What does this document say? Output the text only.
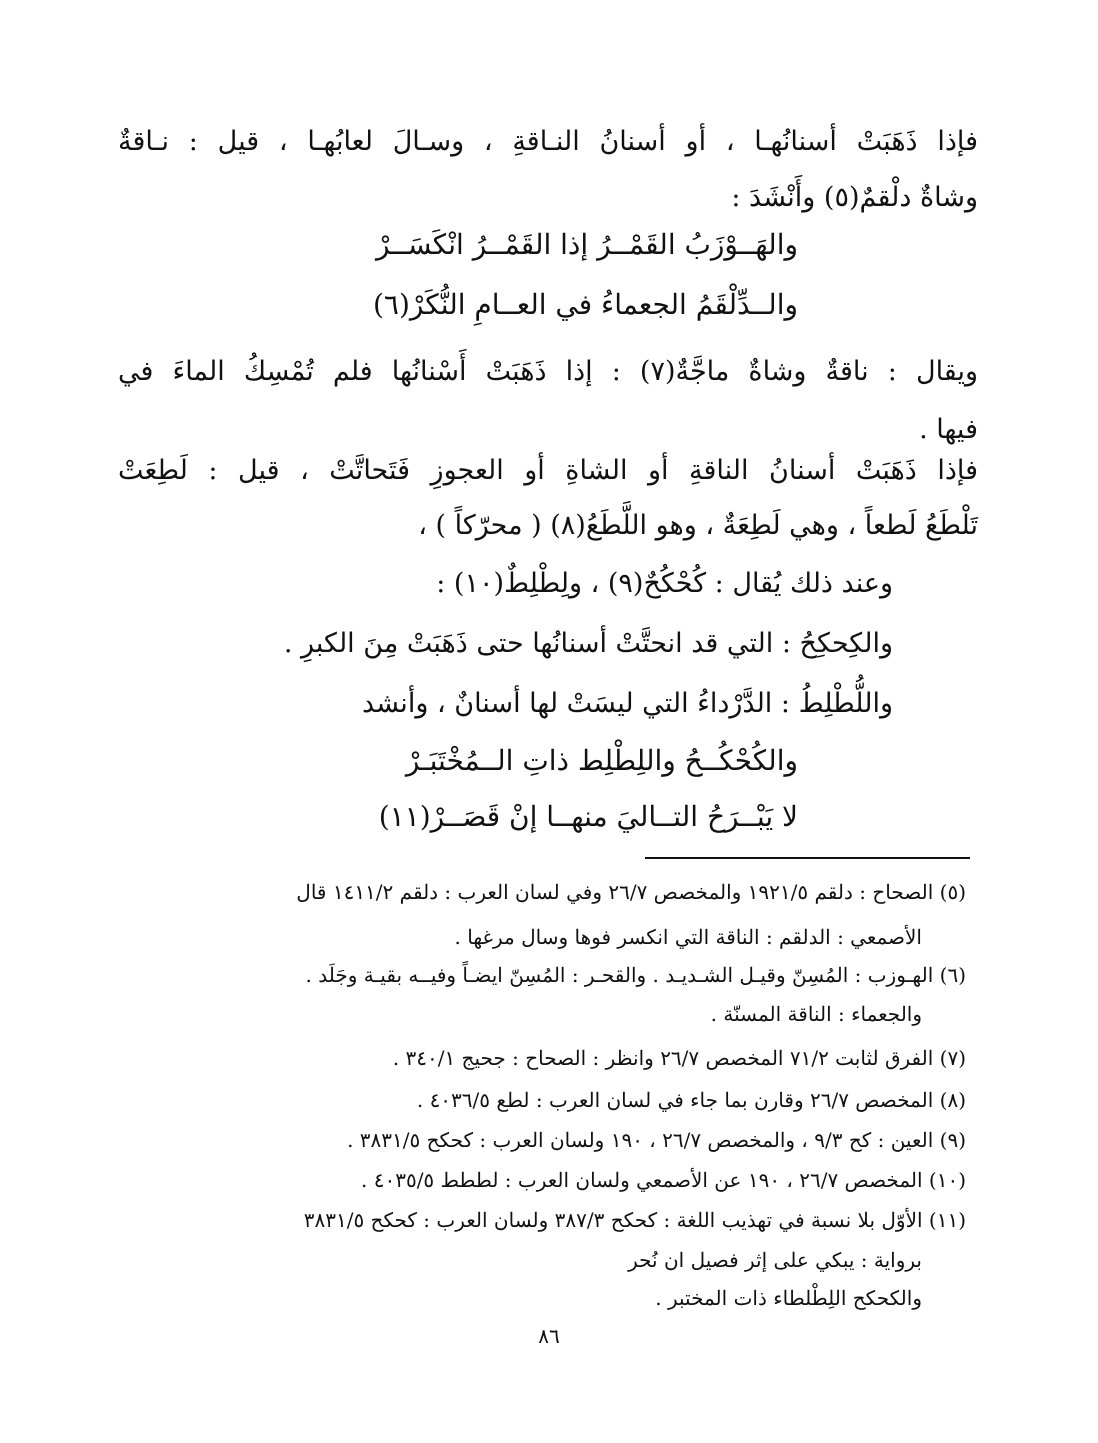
فإذا ذَهَبَتْ أسنانُهـا ، أو أسنانُ النـاقةِ ، وسـالَ لعابُهـا ، قيل : نـاقةٌ
وشاةٌ دلْقمٌ(٥) وأَنْشَدَ :
والهَــوْزَبُ القَمْــرُ إذا القَمْــرُ انْكَسَــرْ
والــدِّلْقَمُ الجعماءُ في العــامِ النُّكَرْ(٦)
ويقال : ناقةٌ وشاةٌ ماجَّةٌ(٧) : إذا ذَهَبَتْ أَسْنانُها فلم تُمْسِكُ الماءَ في
فيها .
فإذا ذَهَبَتْ أسنانُ الناقةِ أو الشاةِ أو العجوزِ فَتَحاتَّتْ ، قيل : لَطِعَتْ
تَلْطَعُ لَطعاً ، وهي لَطِعَةٌ ، وهو اللَّطَعُ(٨) ( محرّكاً ) ،
وعند ذلك يُقال : كُحْكُحٌ(٩) ، ولِطْلِطٌ(١٠) :
والكِحكِحُ : التي قد انحتَّتْ أسنانُها حتى ذَهَبَتْ مِنَ الكبرِ .
واللُّطْلِطُ : الدَّرْداءُ التي ليسَتْ لها أسنانٌ ، وأنشد
والكُحْكُــحُ واللِطْلِط ذاتِ الــمُخْتَبَـرْ
لا يَبْــرَحُ التــاليَ منهــا إنْ قَصَــرْ(١١)
(٥) الصحاح : دلقم ١٩٢١/٥ والمخصص ٢٦/٧ وفي لسان العرب : دلقم ١٤١١/٢ قال
الأصمعي : الدلقم : الناقة التي انكسر فوها وسال مرغها .
(٦) الهـوزب : المُسِنّ وقيـل الشـديـد . والقحـر : المُسِنّ ايضـاً وفيــه بقيـة وجَلَد .
والجعماء : الناقة المسنّة .
(٧) الفرق لثابت ٧١/٢ المخصص ٢٦/٧ وانظر : الصحاح : جحيج ٣٤٠/١ .
(٨) المخصص ٢٦/٧ وقارن بما جاء في لسان العرب : لطع ٤٠٣٦/٥ .
(٩) العين : كح ٩/٣ ، والمخصص ٢٦/٧ ، ١٩٠ ولسان العرب : كحكح ٣٨٣١/٥ .
(١٠) المخصص ٢٦/٧ ، ١٩٠ عن الأصمعي ولسان العرب : لططط ٤٠٣٥/٥ .
(١١) الأوّل بلا نسبة في تهذيب اللغة : كحكح ٣٨٧/٣ ولسان العرب : كحكح ٣٨٣١/٥
برواية : يبكي على إثر فصيل ان نُحر
والكحكح اللِطْلطاء ذات المختبر .
٨٦
